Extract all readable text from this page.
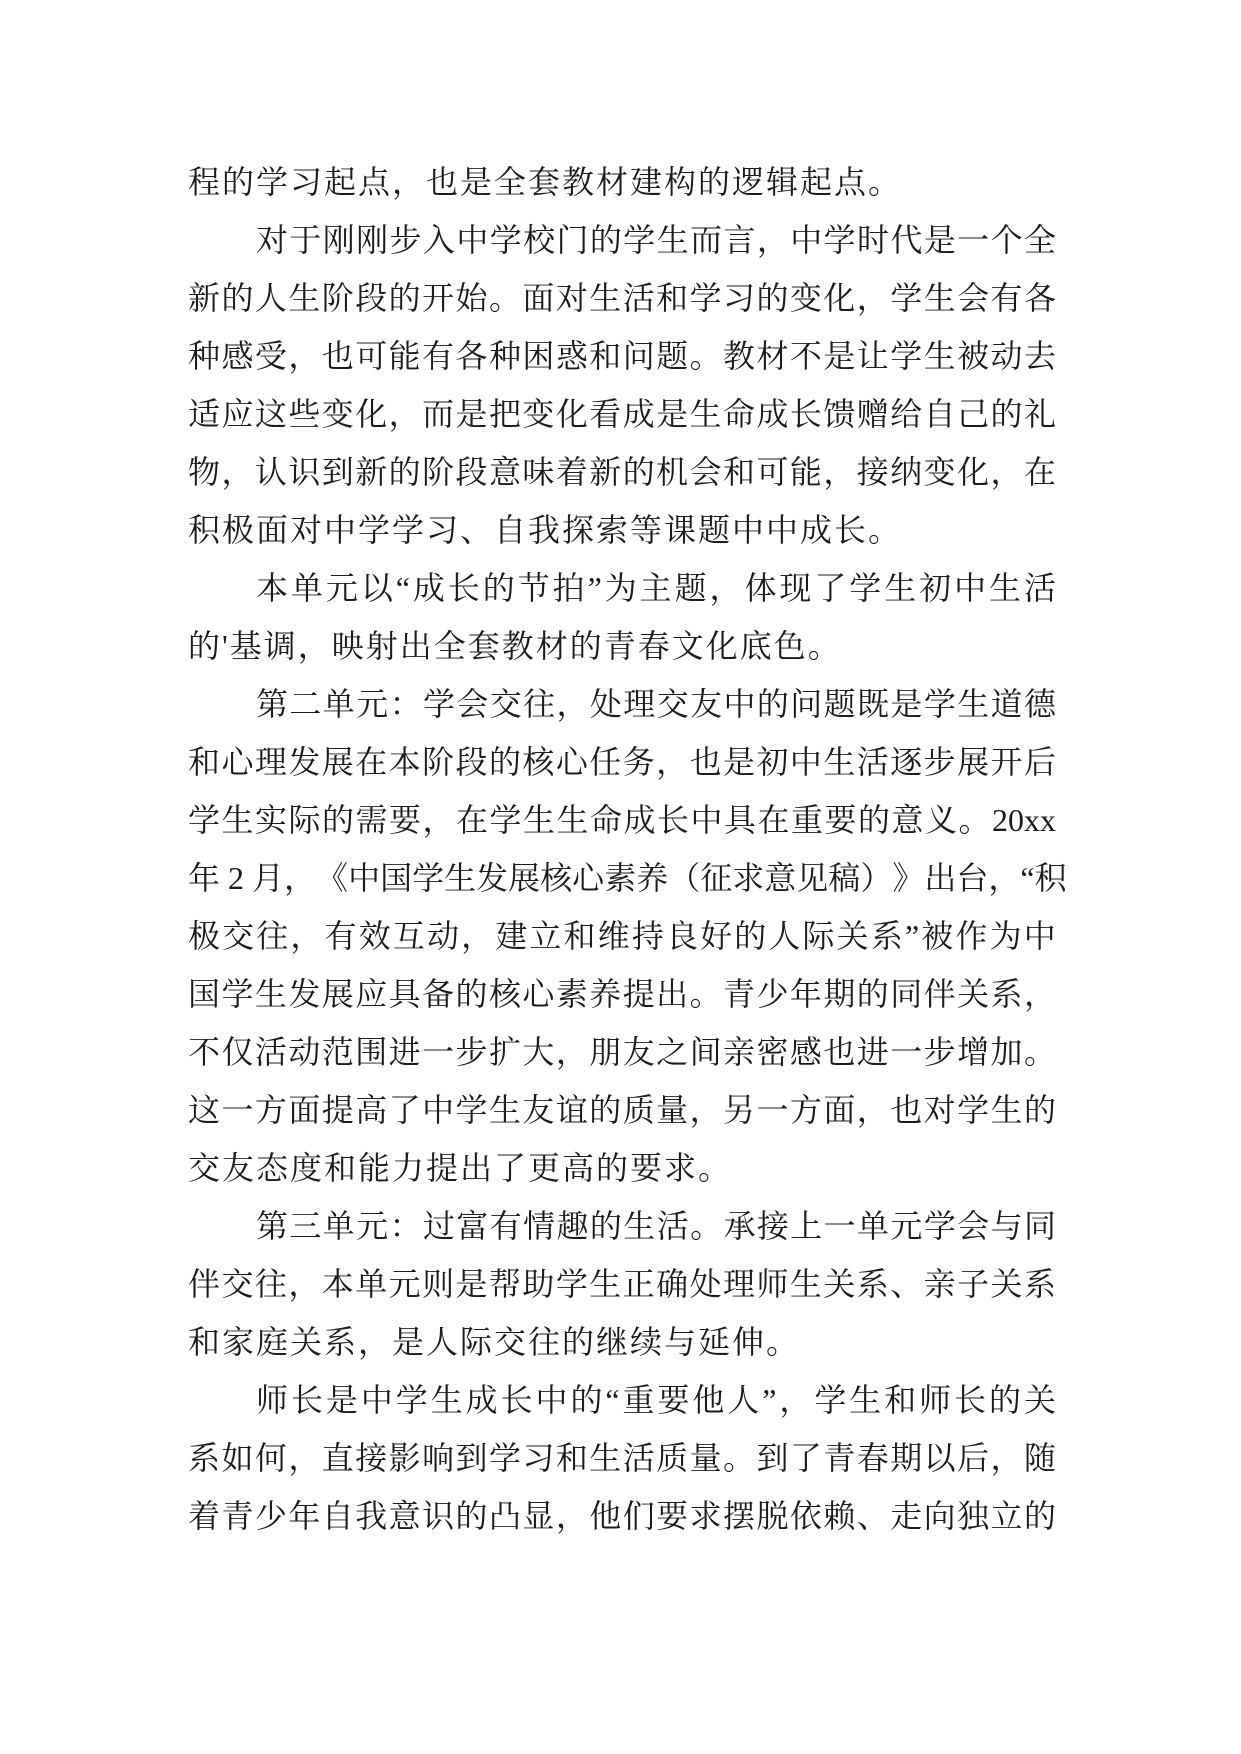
程的学习起点，也是全套教材建构的逻辑起点。
对 于 刚 刚 步 入 中 学 校 门 的 学 生 而 言 ， 中 学 时 代 是 一 个 全
新 的 人 生 阶 段 的 开 始 。 面 对 生 活 和 学 习 的 变 化 ， 学 生 会 有 各
种 感 受 ， 也 可 能 有 各 种 困 惑 和 问 题 。 教 材 不 是 让 学 生 被 动 去
适 应 这 些 变 化 ， 而 是 把 变 化 看 成 是 生 命 成 长 馈 赠 给 自 己 的 礼
物 ， 认 识 到 新 的 阶 段 意 味 着 新 的 机 会 和 可 能 ， 接 纳 变 化 ， 在
积极面对中学学习、自我探索等课题中中成长。
本 单 元 以 “ 成 长 的 节 拍 ” 为 主 题 ， 体 现 了 学 生 初 中 生 活
的'基调，映射出全套教材的青春文化底色。
第 二 单 元 ： 学 会 交 往 ， 处 理 交 友 中 的 问 题 既 是 学 生 道 德
和 心 理 发 展 在 本 阶 段 的 核 心 任 务 ， 也 是 初 中 生 活 逐 步 展 开 后
学 生 实 际 的 需 要 ， 在 学 生 生 命 成 长 中 具 在 重 要 的 意 义 。 20xx
年 2 月 ， 《 中 国 学 生 发 展 核 心 素 养 （ 征 求 意 见 稿 ） 》 出 台 ， “ 积
极 交 往 ， 有 效 互 动 ， 建 立 和 维 持 良 好 的 人 际 关 系 ” 被 作 为 中
国 学 生 发 展 应 具 备 的 核 心 素 养 提 出 。 青 少 年 期 的 同 伴 关 系 ，
不 仅 活 动 范 围 进 一 步 扩 大 ， 朋 友 之 间 亲 密 感 也 进 一 步 增 加 。
这 一 方 面 提 高 了 中 学 生 友 谊 的 质 量 ， 另 一 方 面 ， 也 对 学 生 的
交友态度和能力提出了更高的要求。
第 三 单 元 ： 过 富 有 情 趣 的 生 活 。 承 接 上 一 单 元 学 会 与 同
伴 交 往 ， 本 单 元 则 是 帮 助 学 生 正 确 处 理 师 生 关 系 、 亲 子 关 系
和家庭关系，是人际交往的继续与延伸。
师 长 是 中 学 生 成 长 中 的 “ 重 要 他 人 ” ， 学 生 和 师 长 的 关
系 如 何 ， 直 接 影 响 到 学 习 和 生 活 质 量 。 到 了 青 春 期 以 后 ， 随
着 青 少 年 自 我 意 识 的 凸 显 ， 他 们 要 求 摆 脱 依 赖 、 走 向 独 立 的
